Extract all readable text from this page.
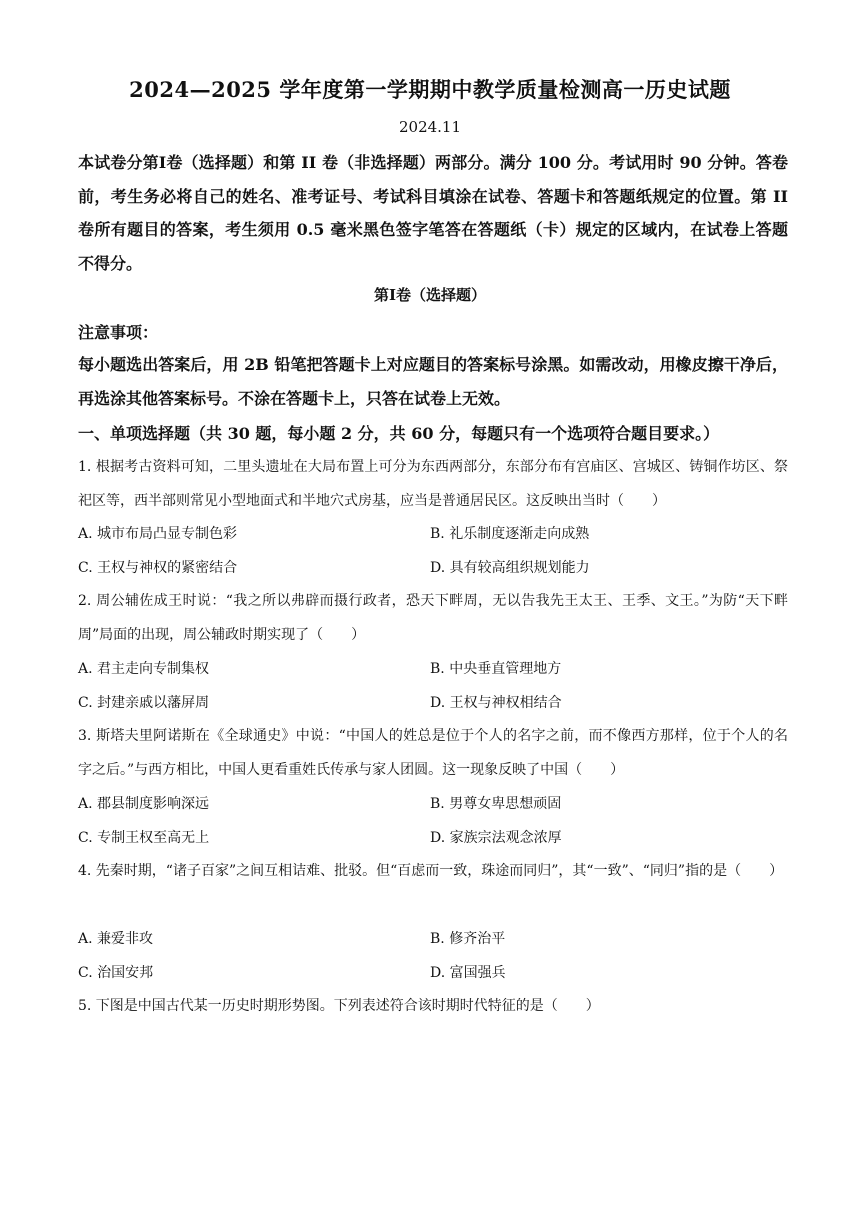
2024—2025 学年度第一学期期中教学质量检测高一历史试题
2024.11
本试卷分第Ⅰ卷（选择题）和第 II 卷（非选择题）两部分。满分 100 分。考试用时 90 分钟。答卷前，考生务必将自己的姓名、准考证号、考试科目填涂在试卷、答题卡和答题纸规定的位置。第 II 卷所有题目的答案，考生须用 0.5 毫米黑色签字笔答在答题纸（卡）规定的区域内，在试卷上答题不得分。
第Ⅰ卷（选择题）
注意事项：
每小题选出答案后，用 2B 铅笔把答题卡上对应题目的答案标号涂黑。如需改动，用橡皮擦干净后，再选涂其他答案标号。不涂在答题卡上，只答在试卷上无效。
一、单项选择题（共 30 题，每小题 2 分，共 60 分，每题只有一个选项符合题目要求。）
1. 根据考古资料可知，二里头遗址在大局布置上可分为东西两部分，东部分布有宫庙区、宫城区、铸铜作坊区、祭祀区等，西半部则常见小型地面式和半地穴式房基，应当是普通居民区。这反映出当时（　　）
A. 城市布局凸显专制色彩	B. 礼乐制度逐渐走向成熟
C. 王权与神权的紧密结合	D. 具有较高组织规划能力
2. 周公辅佐成王时说：“我之所以弗辟而摄行政者，恐天下畔周，无以告我先王太王、王季、文王。”为防“天下畔周”局面的出现，周公辅政时期实现了（　　）
A. 君主走向专制集权	B. 中央垂直管理地方
C. 封建亲戚以藩屏周	D. 王权与神权相结合
3. 斯塔夫里阿诺斯在《全球通史》中说：“中国人的姓总是位于个人的名字之前，而不像西方那样，位于个人的名字之后。”与西方相比，中国人更看重姓氏传承与家人团圆。这一现象反映了中国（　　）
A. 郡县制度影响深远	B. 男尊女卑思想顽固
C. 专制王权至高无上	D. 家族宗法观念浓厚
4. 先秦时期，“诸子百家”之间互相诘难、批驳。但“百虑而一致，珠途而同归”，其“一致”、“同归”指的是（　　）
A. 兼爱非攻	B. 修齐治平
C. 治国安邦	D. 富国强兵
5. 下图是中国古代某一历史时期形势图。下列表述符合该时期时代特征的是（　　）
